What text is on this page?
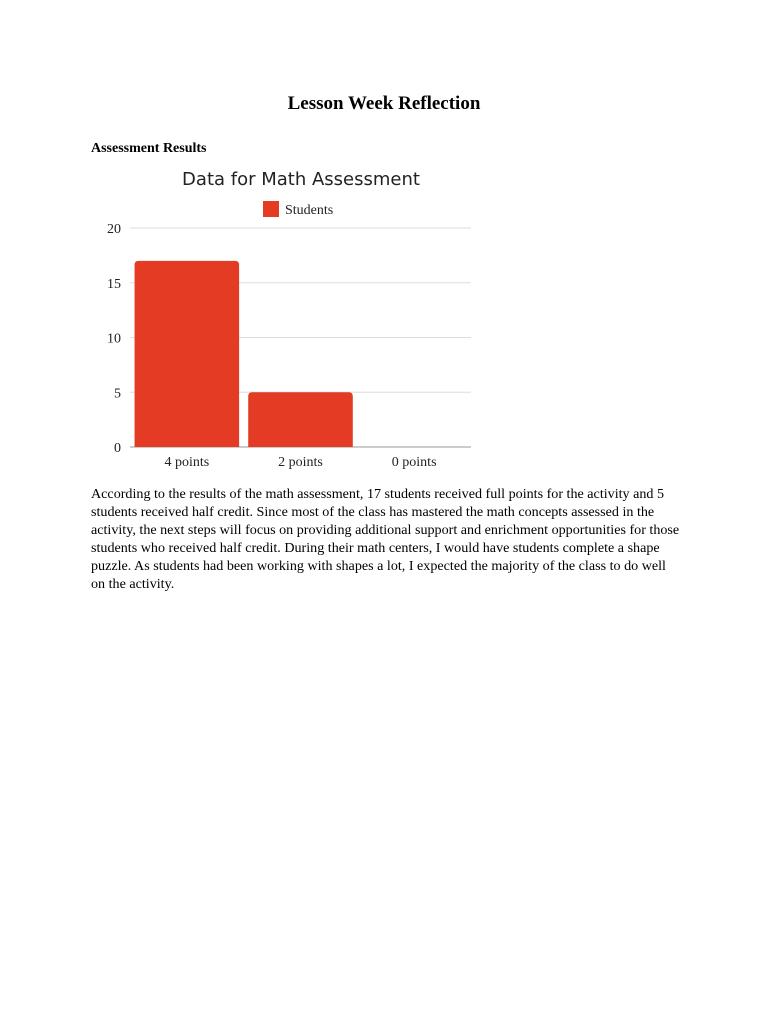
Lesson Week Reflection
Assessment Results
Data for Math Assessment
Students
0
5
10
15
20
4 points	2 points	0 points

According to the results of the math assessment, 17 students received full points for the activity and 5 students received half credit. Since most of the class has mastered the math concepts assessed in the activity, the next steps will focus on providing additional support and enrichment opportunities for those students who received half credit. During their math centers, I would have students complete a shape puzzle. As students had been working with shapes a lot, I expected the majority of the class to do well on the activity.
